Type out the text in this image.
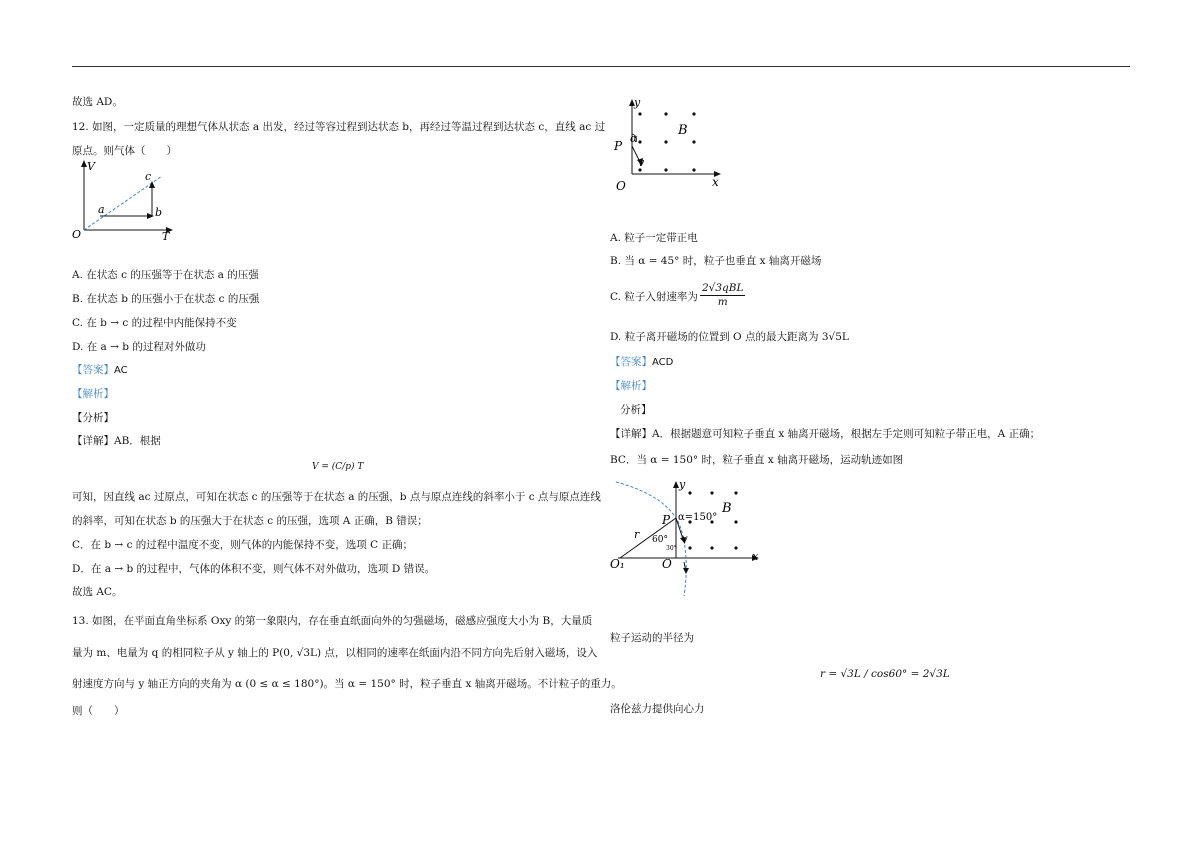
故选 AD。
12. 如图，一定质量的理想气体从状态 a 出发，经过等容过程到达状态 b，再经过等温过程到达状态 c，直线 ac 过
原点。则气体（　　）
V
O	T
a	b
c
A. 在状态 c 的压强等于在状态 a 的压强
B. 在状态 b 的压强小于在状态 c 的压强
C. 在 b → c 的过程中内能保持不变
D. 在 a → b 的过程对外做功
【答案】AC
【解析】
【分析】
【详解】AB．根据
V = (C/p) T
可知，因直线 ac 过原点，可知在状态 c 的压强等于在状态 a 的压强，b 点与原点连线的斜率小于 c 点与原点连线
的斜率，可知在状态 b 的压强大于在状态 c 的压强，选项 A 正确，B 错误；
C．在 b → c 的过程中温度不变，则气体的内能保持不变，选项 C 正确；
D．在 a → b 的过程中，气体的体积不变，则气体不对外做功，选项 D 错误。
故选 AC。
13. 如图，在平面直角坐标系 Oxy 的第一象限内，存在垂直纸面向外的匀强磁场，磁感应强度大小为 B，大量质
量为 m、电量为 q 的相同粒子从 y 轴上的 P(0, √3L) 点，以相同的速率在纸面内沿不同方向先后射入磁场，设入
射速度方向与 y 轴正方向的夹角为 α (0 ≤ α ≤ 180°)。当 α = 150° 时，粒子垂直 x 轴离开磁场。不计粒子的重力。
则（　　）
y
x
O
P
B
α
v
A. 粒子一定带正电
B. 当 α = 45° 时，粒子也垂直 x 轴离开磁场
C. 粒子入射速率为
2√3qBL
m
D. 粒子离开磁场的位置到 O 点的最大距离为 3√5L
【答案】ACD
【解析】
分析】
【详解】A．根据题意可知粒子垂直 x 轴离开磁场，根据左手定则可知粒子带正电，A 正确；
BC．当 α = 150° 时，粒子垂直 x 轴离开磁场，运动轨迹如图
y
x
O
O₁
P
B
α=150°
60°
r	v
30°
粒子运动的半径为
r = √3L / cos60° = 2√3L
洛伦兹力提供向心力
